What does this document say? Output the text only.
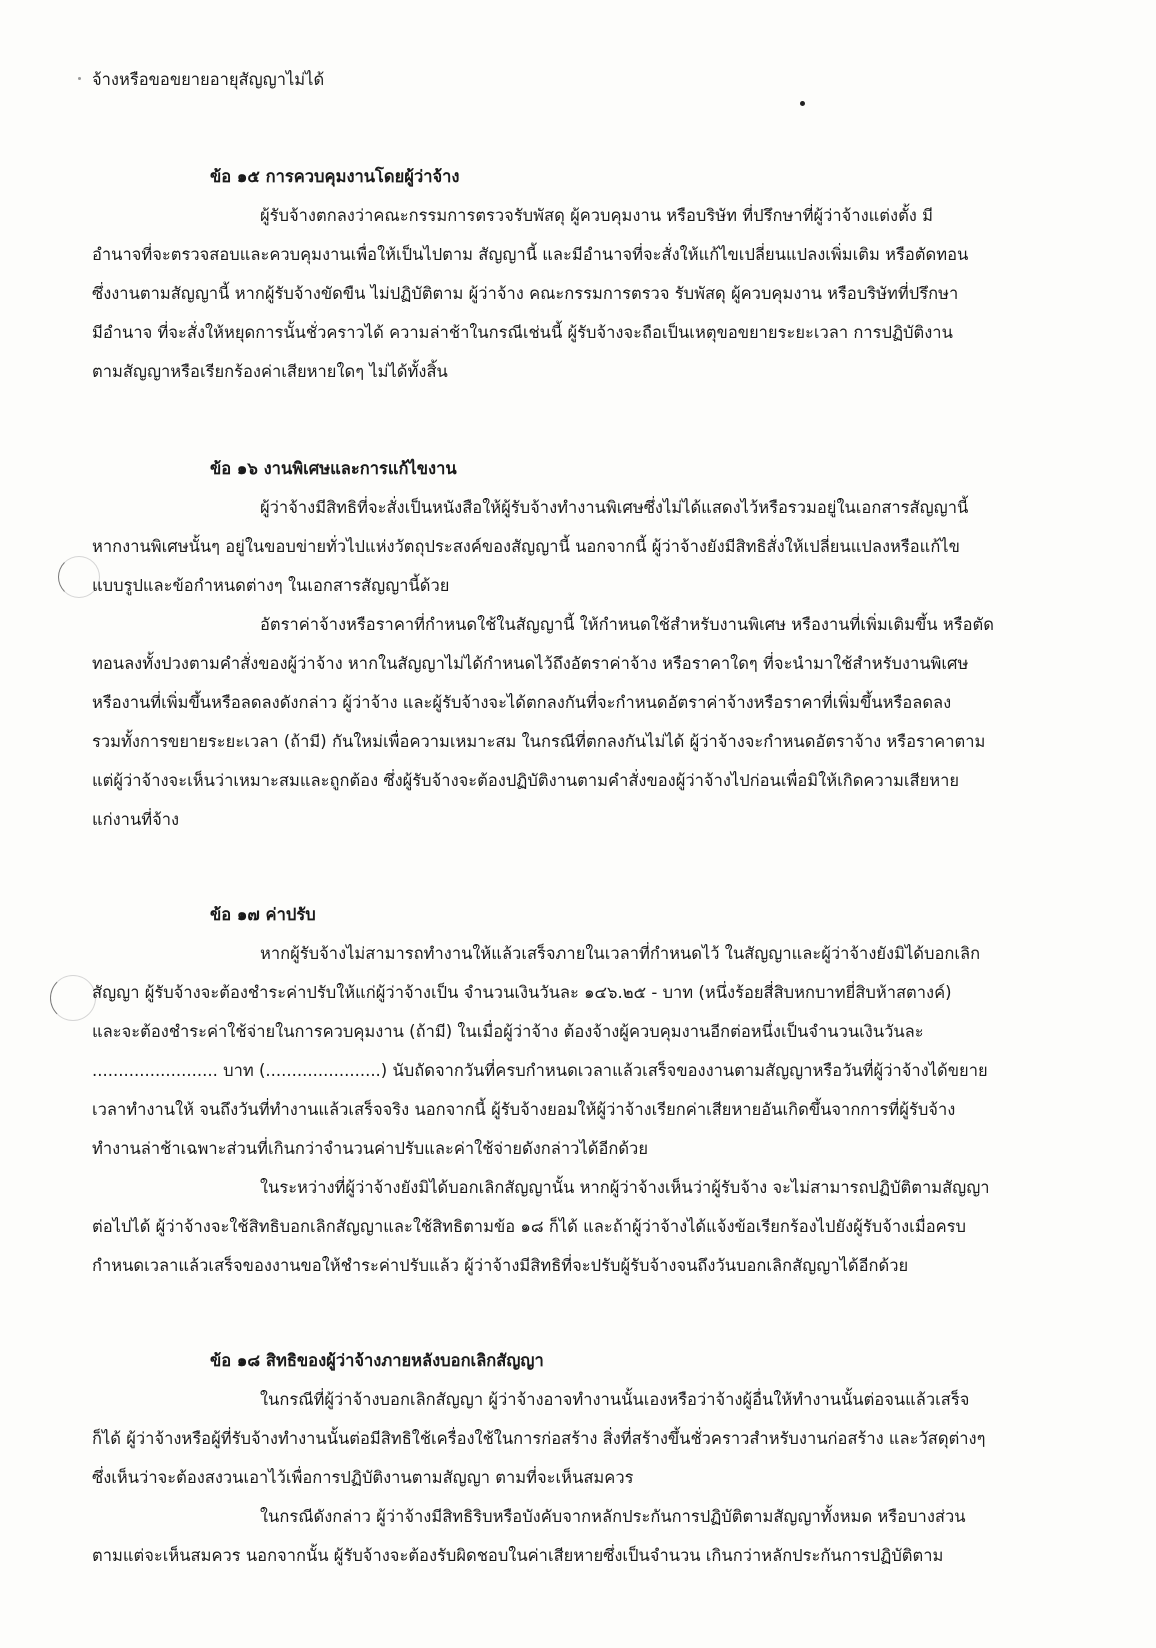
จ้างหรือขอขยายอายุสัญญาไม่ได้
ข้อ ๑๕ การควบคุมงานโดยผู้ว่าจ้าง
ผู้รับจ้างตกลงว่าคณะกรรมการตรวจรับพัสดุ ผู้ควบคุมงาน หรือบริษัท ที่ปรึกษาที่ผู้ว่าจ้างแต่งตั้ง มี
อำนาจที่จะตรวจสอบและควบคุมงานเพื่อให้เป็นไปตาม สัญญานี้ และมีอำนาจที่จะสั่งให้แก้ไขเปลี่ยนแปลงเพิ่มเติม หรือตัดทอน
ซึ่งงานตามสัญญานี้ หากผู้รับจ้างขัดขืน ไม่ปฏิบัติตาม ผู้ว่าจ้าง คณะกรรมการตรวจ รับพัสดุ ผู้ควบคุมงาน หรือบริษัทที่ปรึกษา
มีอำนาจ ที่จะสั่งให้หยุดการนั้นชั่วคราวได้ ความล่าช้าในกรณีเช่นนี้ ผู้รับจ้างจะถือเป็นเหตุขอขยายระยะเวลา การปฏิบัติงาน
ตามสัญญาหรือเรียกร้องค่าเสียหายใดๆ ไม่ได้ทั้งสิ้น
ข้อ ๑๖ งานพิเศษและการแก้ไขงาน
ผู้ว่าจ้างมีสิทธิที่จะสั่งเป็นหนังสือให้ผู้รับจ้างทำงานพิเศษซึ่งไม่ได้แสดงไว้หรือรวมอยู่ในเอกสารสัญญานี้
หากงานพิเศษนั้นๆ อยู่ในขอบข่ายทั่วไปแห่งวัตถุประสงค์ของสัญญานี้ นอกจากนี้ ผู้ว่าจ้างยังมีสิทธิสั่งให้เปลี่ยนแปลงหรือแก้ไข
แบบรูปและข้อกำหนดต่างๆ ในเอกสารสัญญานี้ด้วย
อัตราค่าจ้างหรือราคาที่กำหนดใช้ในสัญญานี้ ให้กำหนดใช้สำหรับงานพิเศษ หรืองานที่เพิ่มเติมขึ้น หรือตัด
ทอนลงทั้งปวงตามคำสั่งของผู้ว่าจ้าง หากในสัญญาไม่ได้กำหนดไว้ถึงอัตราค่าจ้าง หรือราคาใดๆ ที่จะนำมาใช้สำหรับงานพิเศษ
หรืองานที่เพิ่มขึ้นหรือลดลงดังกล่าว ผู้ว่าจ้าง และผู้รับจ้างจะได้ตกลงกันที่จะกำหนดอัตราค่าจ้างหรือราคาที่เพิ่มขึ้นหรือลดลง
รวมทั้งการขยายระยะเวลา (ถ้ามี) กันใหม่เพื่อความเหมาะสม ในกรณีที่ตกลงกันไม่ได้ ผู้ว่าจ้างจะกำหนดอัตราจ้าง หรือราคาตาม
แต่ผู้ว่าจ้างจะเห็นว่าเหมาะสมและถูกต้อง ซึ่งผู้รับจ้างจะต้องปฏิบัติงานตามคำสั่งของผู้ว่าจ้างไปก่อนเพื่อมิให้เกิดความเสียหาย
แก่งานที่จ้าง
ข้อ ๑๗ ค่าปรับ
หากผู้รับจ้างไม่สามารถทำงานให้แล้วเสร็จภายในเวลาที่กำหนดไว้ ในสัญญาและผู้ว่าจ้างยังมิได้บอกเลิก
สัญญา ผู้รับจ้างจะต้องชำระค่าปรับให้แก่ผู้ว่าจ้างเป็น จำนวนเงินวันละ ๑๔๖.๒๕ - บาท (หนึ่งร้อยสี่สิบหกบาทยี่สิบห้าสตางค์)
และจะต้องชำระค่าใช้จ่ายในการควบคุมงาน (ถ้ามี) ในเมื่อผู้ว่าจ้าง ต้องจ้างผู้ควบคุมงานอีกต่อหนึ่งเป็นจำนวนเงินวันละ
........................ บาท (......................) นับถัดจากวันที่ครบกำหนดเวลาแล้วเสร็จของงานตามสัญญาหรือวันที่ผู้ว่าจ้างได้ขยาย
เวลาทำงานให้ จนถึงวันที่ทำงานแล้วเสร็จจริง นอกจากนี้ ผู้รับจ้างยอมให้ผู้ว่าจ้างเรียกค่าเสียหายอันเกิดขึ้นจากการที่ผู้รับจ้าง
ทำงานล่าช้าเฉพาะส่วนที่เกินกว่าจำนวนค่าปรับและค่าใช้จ่ายดังกล่าวได้อีกด้วย
ในระหว่างที่ผู้ว่าจ้างยังมิได้บอกเลิกสัญญานั้น หากผู้ว่าจ้างเห็นว่าผู้รับจ้าง จะไม่สามารถปฏิบัติตามสัญญา
ต่อไปได้ ผู้ว่าจ้างจะใช้สิทธิบอกเลิกสัญญาและใช้สิทธิตามข้อ ๑๘ ก็ได้ และถ้าผู้ว่าจ้างได้แจ้งข้อเรียกร้องไปยังผู้รับจ้างเมื่อครบ
กำหนดเวลาแล้วเสร็จของงานขอให้ชำระค่าปรับแล้ว ผู้ว่าจ้างมีสิทธิที่จะปรับผู้รับจ้างจนถึงวันบอกเลิกสัญญาได้อีกด้วย
ข้อ ๑๘ สิทธิของผู้ว่าจ้างภายหลังบอกเลิกสัญญา
ในกรณีที่ผู้ว่าจ้างบอกเลิกสัญญา ผู้ว่าจ้างอาจทำงานนั้นเองหรือว่าจ้างผู้อื่นให้ทำงานนั้นต่อจนแล้วเสร็จ
ก็ได้ ผู้ว่าจ้างหรือผู้ที่รับจ้างทำงานนั้นต่อมีสิทธิใช้เครื่องใช้ในการก่อสร้าง สิ่งที่สร้างขึ้นชั่วคราวสำหรับงานก่อสร้าง และวัสดุต่างๆ
ซึ่งเห็นว่าจะต้องสงวนเอาไว้เพื่อการปฏิบัติงานตามสัญญา ตามที่จะเห็นสมควร
ในกรณีดังกล่าว ผู้ว่าจ้างมีสิทธิริบหรือบังคับจากหลักประกันการปฏิบัติตามสัญญาทั้งหมด หรือบางส่วน
ตามแต่จะเห็นสมควร นอกจากนั้น ผู้รับจ้างจะต้องรับผิดชอบในค่าเสียหายซึ่งเป็นจำนวน เกินกว่าหลักประกันการปฏิบัติตาม
